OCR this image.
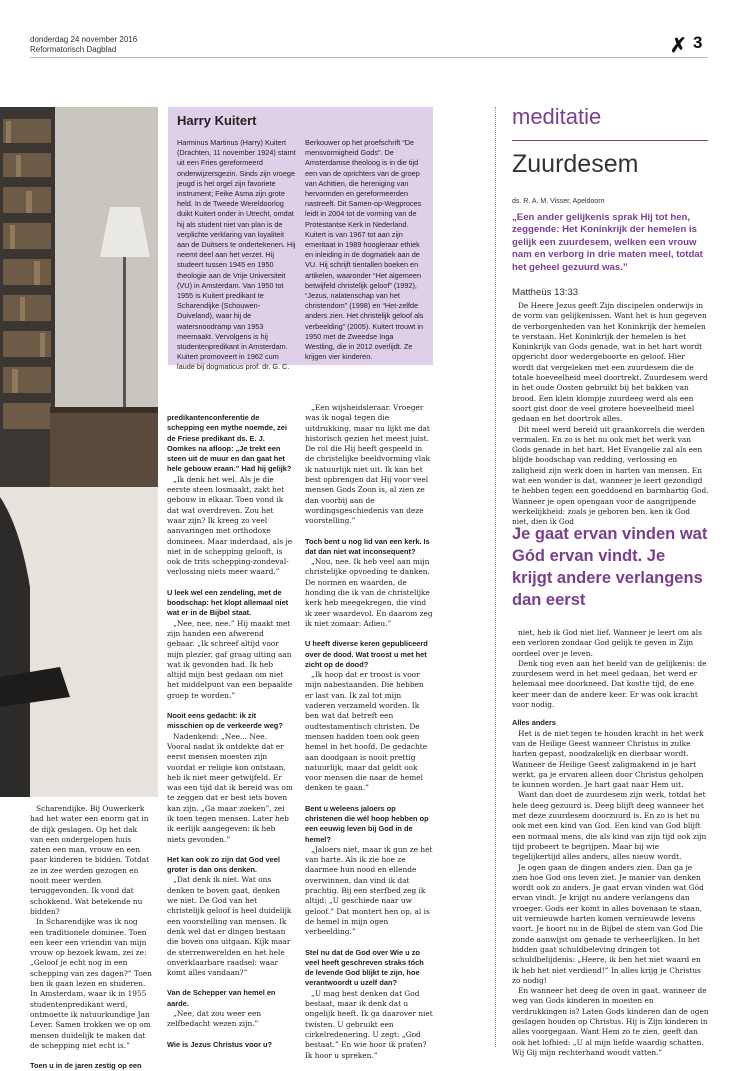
donderdag 24 november 2016
Reformatorisch Dagblad	✗ 3
Harry Kuitert
Harminus Martinus (Harry) Kuitert (Drachten, 11 november 1924) stamt uit een Fries gereformeerd onderwijzersgezin. Sinds zijn vroege jeugd is het orgel zijn favoriete instrument; Feike Asma zijn grote held. In de Tweede Wereldoorlog duikt Kuitert onder in Utrecht, omdat hij als student niet van plan is de verplichte verklaring van loyaliteit aan de Duitsers te ondertekenen. Hij neemt deel aan het verzet. Hij studeert tussen 1945 en 1950 theologie aan de Vrije Universiteit (VU) in Amsterdam. Van 1950 tot 1955 is Kuitert predikant te Scharendijke (Schouwen-Duiveland), waar hij de watersnoodramp van 1953 meemaakt. Vervolgens is hij studentenpredikant in Amsterdam. Kuitert promoveert in 1962 cum laude bij dogmaticus prof. dr. G. C.
Berkouwer op het proefschrift “De mensvormigheid Gods”. De Amsterdamse theoloog is in die tijd een van de oprichters van de groep van Achttien, die hereniging van hervormden en gereformeerden nastreeft. Dit Samen-op-Wegproces leidt in 2004 tot de vorming van de Protestantse Kerk in Nederland. Kuitert is van 1967 tot aan zijn emeritaat in 1989 hoogleraar ethiek en inleiding in de dogmatiek aan de VU. Hij schrijft tientallen boeken en artikelen, waaronder “Het algemeen betwijfeld christelijk geloof” (1992), “Jezus, nalatenschap van het christendom” (1998) en “Het-zelfde anders zien. Het christelijk geloof als verbeelding” (2005). Kuitert trouwt in 1950 met de Zweedse Inga Westling, die in 2012 overlijdt. Ze krijgen vier kinderen.

Scharendijke. Bij Ouwerkerk had het water een enorm gat in de dijk geslagen. Op het dak van een ondergelopen huis zaten een man, vrouw en een paar kinderen te bidden. Totdat ze in zee werden gezogen en nooit meer werden teruggevonden. Ik vond dat schokkend. Wat betekende nu bidden?

In Scharendijke was ik nog een traditionele dominee. Toen een keer een vriendin van mijn vrouw op bezoek kwam, zei ze: „Geloof je echt nog in een schepping van zes dagen?” Toen ben ik gaan lezen en studeren. In Amsterdam, waar ik in 1955 studentenpredikant werd, ontmoette ik natuurkundige Jan Lever. Samen trokken we op om mensen duidelijk te maken dat de schepping niet echt is.”

Toen u in de jaren zestig op een

predikantenconferentie de schepping een mythe noemde, zei de Friese predikant ds. E. J. Oomkes na afloop: „Je trekt een steen uit de muur en dan gaat het hele gebouw eraan.” Had hij gelijk?

„Ik denk het wel. Als je die eerste steen losmaakt, zakt het gebouw in elkaar. Toen vond ik dat wat overdreven. Zou het waar zijn? Ik kreeg zo veel aanvaringen met orthodoxe dominees. Maar inderdaad, als je niet in de schepping gelooft, is ook de trits schepping-zondeval-verlossing niets meer waard.”

U leek wel een zendeling, met de boodschap: het klopt allemaal niet wat er in de Bijbel staat.

„Nee, nee, nee.” Hij maakt met zijn handen een afwerend gebaar. „Ik schreef altijd voor mijn plezier, gaf graag uiting aan wat ik gevonden had. Ik heb altijd mijn best gedaan om niet het middelpunt van een bepaalde groep te worden.”

Nooit eens gedacht: ik zit misschien op de verkeerde weg?

Nadenkend: „Nee... Nee. Vooral nadat ik ontdekte dat er eerst mensen moesten zijn voordat er religie kon ontstaan, heb ik niet meer getwijfeld. Er was een tijd dat ik bereid was om te zeggen dat er best iets boven kan zijn. „Ga maar zoeken”, zei ik toen tegen mensen. Later heb ik eerlijk aangegeven: ik heb niets gevonden.”

Het kan ook zo zijn dat God veel groter is dan ons denken.

„Dat denk ik niet. Wat ons denken te boven gaat, denken we niet. De God van het christelijk geloof is heel duidelijk een voorstelling van mensen. Ik denk wel dat er dingen bestaan die boven ons uitgaan. Kijk maar de sterrenwerelden en het hele onverklaarbare raadsel: waar komt alles vandaan?”

Van de Schepper van hemel en aarde.

„Nee, dat zou weer een zelfbedacht wezen zijn.”

Wie is Jezus Christus voor u?

„Een wijsheidsleraar. Vroeger was ik nogal tegen die uitdrukking, maar nu lijkt me dat historisch gezien het meest juist. De rol die Hij heeft gespeeld in de christelijke beeldvorming vlak ik natuurlijk niet uit. Ik kan het best opbrengen dat Hij voor veel mensen Gods Zoon is, al zien ze dan voorbij aan de wordingsgeschiedenis van deze voorstelling.”

Toch bent u nog lid van een kerk. Is dat dan niet wat inconsequent?

„Nou, nee. Ik heb veel aan mijn christelijke opvoeding te danken. De normen en waarden, de honding die ik van de christelijke kerk heb meegekregen, die vind ik zeer waardevol. En daarom zeg ik niet zomaar: Adieu.”

U heeft diverse keren gepubliceerd over de dood. Wat troost u met het zicht op de dood?

„Ik hoop dat er troost is voor mijn nabestaanden. Die hebben er last van. Ik zal tot mijn vaderen verzameld worden. Ik ben wat dat betreft een oudtestamentisch christen. De mensen hadden toen ook geen hemel in het hoofd. De gedachte aan doodgaan is nooit prettig natuurlijk, maar dat geldt ook voor mensen die naar de hemel denken te gaan.”

Bent u weleens jaloers op christenen die wél hoop hebben op een eeuwig leven bij God in de hemel?

„Jaloers niet, maar ik gun ze het van harte. Als ik zie hoe ze daarmee hun nood en ellende overwinnen, dan vind ik dat prachtig. Bij een sterfbed zeg ik altijd: „U geschiede naar uw geloof.” Dat montert hen op, al is de hemel in mijn ogen verbeelding.”

Stel nu dat de God over Wie u zo veel heeft geschreven straks tóch de levende God blijkt te zijn, hoe verantwoordt u uzelf dan?

„U mag best denken dat God bestaat, maar ik denk dat u ongelijk heeft. Ik ga daarover niet twisten. U gebruikt een cirkelredenering. U zegt: „God bestaat.” En wie hoor ik praten? Ik hoor u spreken.”

meditatie
Zuurdesem
ds. R. A. M. Visser, Apeldoorn
„Een ander gelijkenis sprak Hij tot hen, zeggende: Het Koninkrijk der hemelen is gelijk een zuurdesem, welken een vrouw nam en verborg in drie maten meel, totdat het geheel gezuurd was.”
Mattheüs 13:33

De Heere Jezus geeft Zijn discipelen onderwijs in de vorm van gelijkenissen. Want het is hun gegeven de verborgenheden van het Koninkrijk der hemelen te verstaan. Het Koninkrijk der hemelen is het Koninkrijk van Gods genade, wat in het hart wordt opgericht door wedergeboorte en geloof. Hier wordt dat vergeleken met een zuurdesem die de totale hoeveelheid meel doortrekt. Zuurdesem werd in het oude Oosten gebruikt bij het bakken van brood. Een klein klompje zuurdeeg werd als een soort gist door de veel grotere hoeveelheid meel gedaan en het doortrok alles.

Dit meel werd bereid uit graankorrels die werden vermalen. En zo is het nu ook met het werk van Gods genade in het hart. Het Evangelie zal als een blijde boodschap van redding, verlossing en zaligheid zijn werk doen in harten van mensen. En wat een wonder is dat, wanneer je leert gezondigd te hebben tegen een goeddoend en barmhartig God. Wanneer je open opengaan voor de aangrijpende werkelijkheid: zoals je geboren ben, ken ik God niet, dien ik God

Je gaat ervan vinden wat Gód ervan vindt. Je krijgt andere verlangens dan eerst

niet, heb ik God niet lief. Wanneer je leert om als een verloren zondaar God gelijk te geven in Zijn oordeel over je leven.

Denk nog even aan het beeld van de gelijkenis: de zuurdesem werd in het meel gedaan, het werd er helemaal mee doorkneed. Dat kostte tijd, de ene keer meer dan de andere keer. Er was ook kracht voor nodig.

Alles anders

Het is de niet tegen te houden kracht in het werk van de Heilige Geest wanneer Christus in zulke harten gepast, noodzakelijk en dierbaar wordt. Wanneer de Heilige Geest zaligmakend in je hart werkt, ga je ervaren alleen door Christus geholpen te kunnen worden. Je hart gaat naar Hem uit.

Want dan doet de zuurdesem zijn werk, totdat het hele deeg gezuurd is. Deeg blijft deeg wanneer het met deze zuurdesem doorzuurd is. En zo is het nu ook met een kind van God. Een kind van God blijft een normaal mens, die als kind van zijn tijd ook zijn tijd probeert te begrijpen. Maar bij wie tegelijkertijd alles anders, alles nieuw wordt.

Je ogen gaan de dingen anders zien. Dan ga je zien hoe God ons leven ziet. Je manier van denken wordt ook zo anders. Je gaat ervan vinden wat Gód ervan vindt. Je krijgt nu andere verlangens dan vroeger. Gods eer komt in alles bovenaan te staan, uit vernieuwde harten komen vernieuwde levens voort. Je hoort nu in de Bijbel de stem van God Die zonde aanwijst om genade te verheerlijken. In het bidden gaat schuldbeleving dringen tot schuldbelijdenis: „Heere, ik ben het niet waard en ik heb het niet verdiend!” In alles krijg je Christus zo nodig!

En wanneer het deeg de oven in gaat, wanneer de weg van Gods kinderen in moeiten en verdrukkingen is? Laten Gods kinderen dan de ogen geslagen houden op Christus. Hij is Zijn kinderen in alles voorgegaan. Want Hem zo te zien, geeft dan ook het lofhied: „U al mijn liefde waardig schatten. Wij Gij mijn rechterhand woudt vatten.”
